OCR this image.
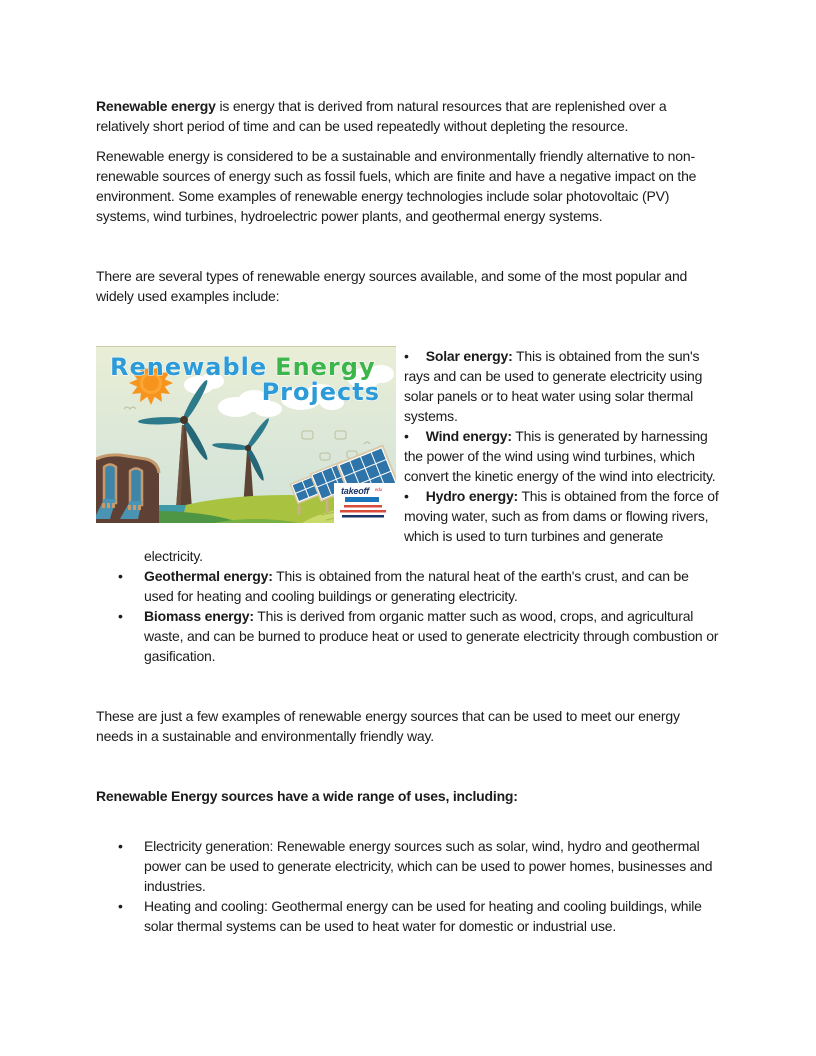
Renewable energy is energy that is derived from natural resources that are replenished over a relatively short period of time and can be used repeatedly without depleting the resource.

Renewable energy is considered to be a sustainable and environmentally friendly alternative to non-renewable sources of energy such as fossil fuels, which are finite and have a negative impact on the environment. Some examples of renewable energy technologies include solar photovoltaic (PV) systems, wind turbines, hydroelectric power plants, and geothermal energy systems.

There are several types of renewable energy sources available, and some of the most popular and widely used examples include:

takeoff edu
Renewable Energy
Projects

• Solar energy: This is obtained from the sun's rays and can be used to generate electricity using solar panels or to heat water using solar thermal systems.

• Wind energy: This is generated by harnessing the power of the wind using wind turbines, which convert the kinetic energy of the wind into electricity.

• Hydro energy: This is obtained from the force of moving water, such as from dams or flowing rivers, which is used to turn turbines and generate electricity.

• Geothermal energy: This is obtained from the natural heat of the earth's crust, and can be used for heating and cooling buildings or generating electricity.

• Biomass energy: This is derived from organic matter such as wood, crops, and agricultural waste, and can be burned to produce heat or used to generate electricity through combustion or gasification.

These are just a few examples of renewable energy sources that can be used to meet our energy needs in a sustainable and environmentally friendly way.

Renewable Energy sources have a wide range of uses, including:

• Electricity generation: Renewable energy sources such as solar, wind, hydro and geothermal power can be used to generate electricity, which can be used to power homes, businesses and industries.

• Heating and cooling: Geothermal energy can be used for heating and cooling buildings, while solar thermal systems can be used to heat water for domestic or industrial use.
